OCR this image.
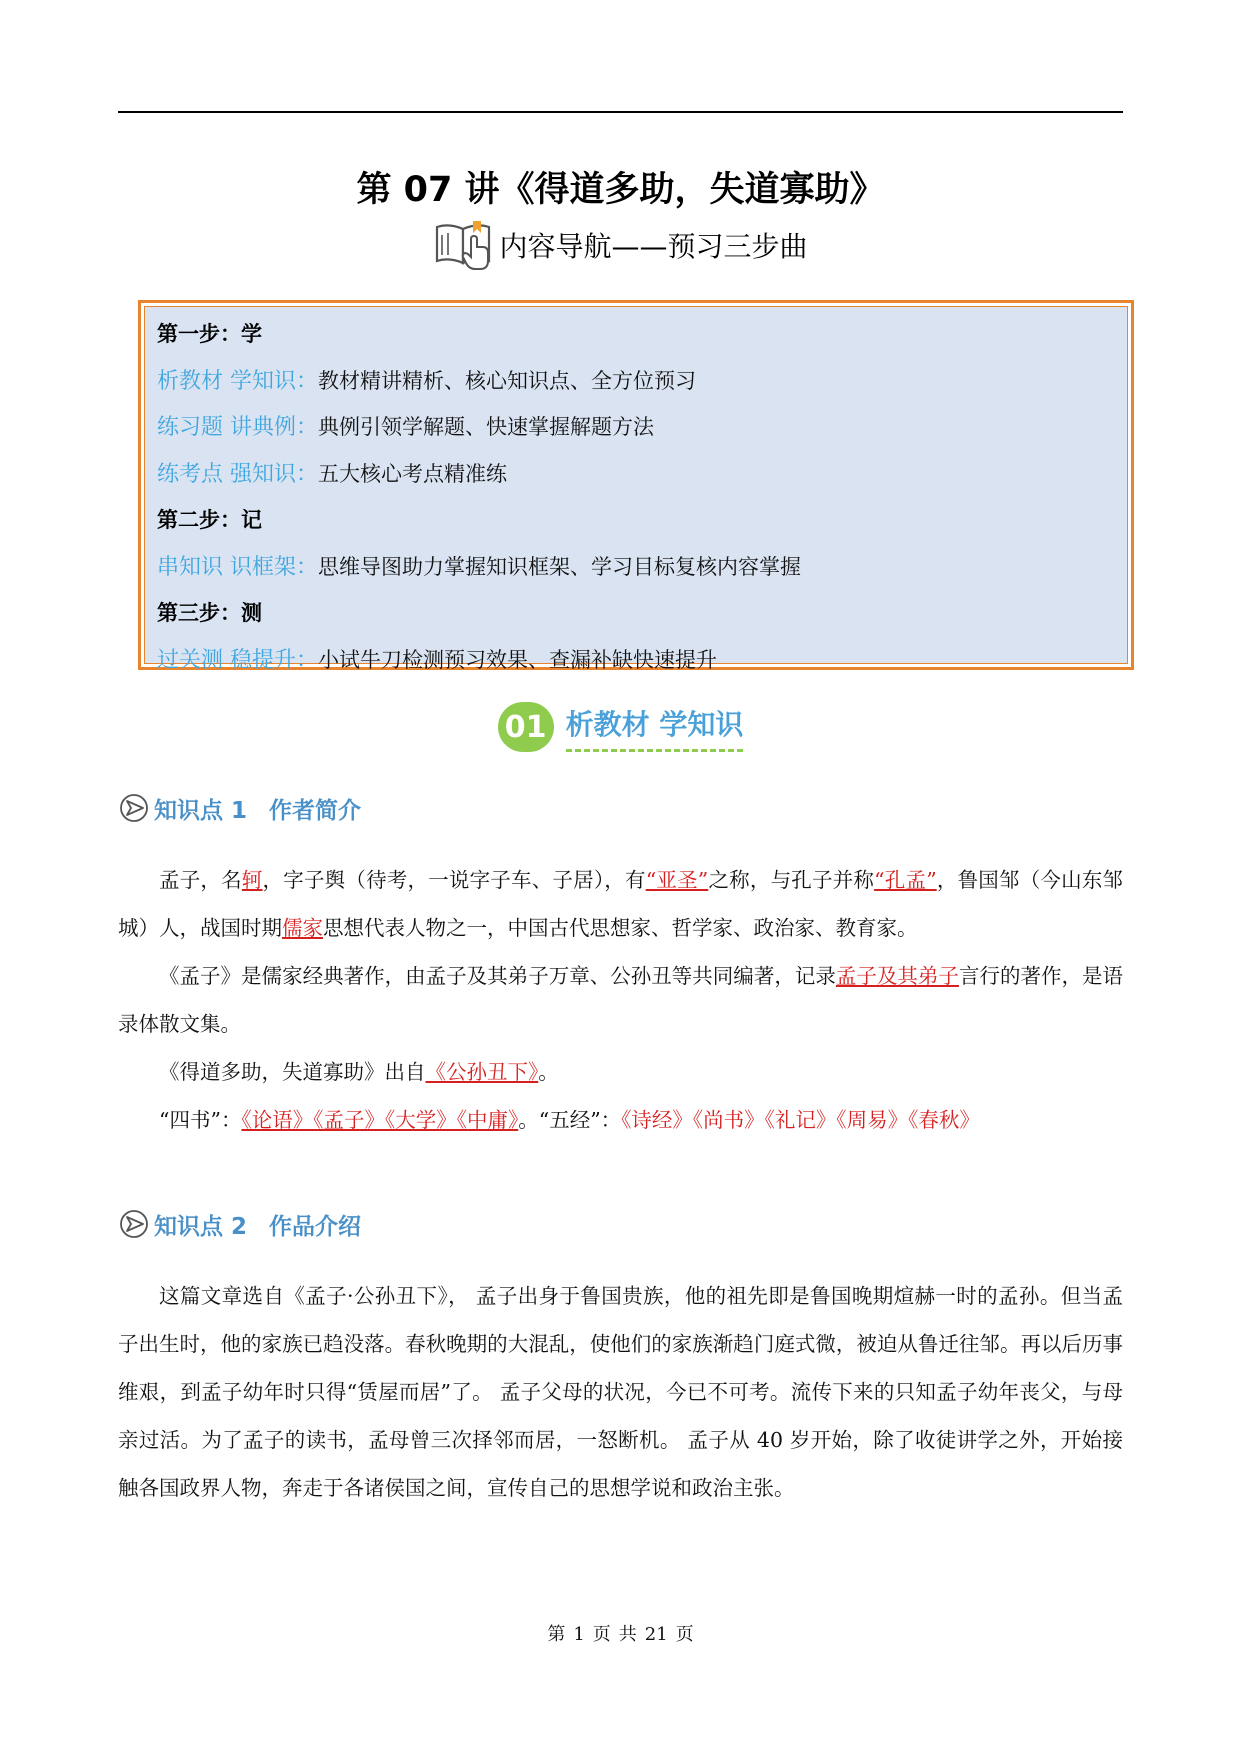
第 07 讲《得道多助，失道寡助》
内容导航——预习三步曲
第一步：学
析教材 学知识：教材精讲精析、核心知识点、全方位预习
练习题 讲典例：典例引领学解题、快速掌握解题方法
练考点 强知识：五大核心考点精准练
第二步：记
串知识 识框架：思维导图助力掌握知识框架、学习目标复核内容掌握
第三步：测
过关测 稳提升：小试牛刀检测预习效果、查漏补缺快速提升
01 析教材 学知识
知识点 1 作者简介

孟子，名轲，字子舆（待考，一说字子车、子居），有“亚圣”之称，与孔子并称“孔孟”，鲁国邹（今山东邹城）人，战国时期儒家思想代表人物之一，中国古代思想家、哲学家、政治家、教育家。

《孟子》是儒家经典著作，由孟子及其弟子万章、公孙丑等共同编著，记录孟子及其弟子言行的著作，是语录体散文集。

《得道多助，失道寡助》出自《公孙丑下》。

“四书”：《论语》《孟子》《大学》《中庸》。“五经”：《诗经》《尚书》《礼记》《周易》《春秋》

知识点 2 作品介绍

这篇文章选自《孟子·公孙丑下》， 孟子出身于鲁国贵族，他的祖先即是鲁国晚期煊赫一时的孟孙。但当孟子出生时，他的家族已趋没落。春秋晚期的大混乱，使他们的家族渐趋门庭式微，被迫从鲁迁往邹。再以后历事维艰，到孟子幼年时只得“赁屋而居”了。 孟子父母的状况，今已不可考。流传下来的只知孟子幼年丧父，与母亲过活。为了孟子的读书，孟母曾三次择邻而居，一怒断机。 孟子从 40 岁开始，除了收徒讲学之外，开始接触各国政界人物，奔走于各诸侯国之间，宣传自己的思想学说和政治主张。

第 1 页 共 21 页
